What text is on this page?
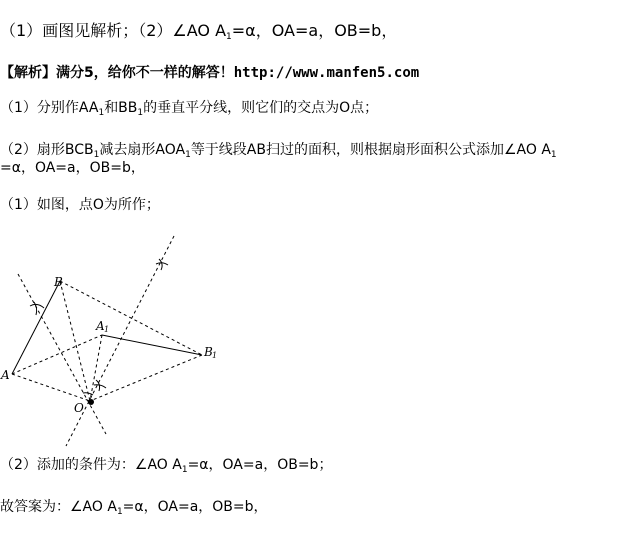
（1）画图见解析；（2）∠AO $A_1=\alpha$，OA=a，OB=b，
【解析】满分5，给你不一样的解答！http://www.manfen5.com
（1）分别作$AA_1$和$BB_1$的垂直平分线，则它们的交点为O点；
（2）扇形$BCB_1$减去扇形$AOA_1$等于线段AB扫过的面积，则根据扇形面积公式添加∠AO $A_1$
=α，OA=a，OB=b，
（1）如图，点O为所作；
A
B
A 1
B 1
O
（2）添加的条件为：∠AO $A_1=\alpha$，OA=a，OB=b；
故答案为：∠AO $A_1=\alpha$，OA=a，OB=b，
